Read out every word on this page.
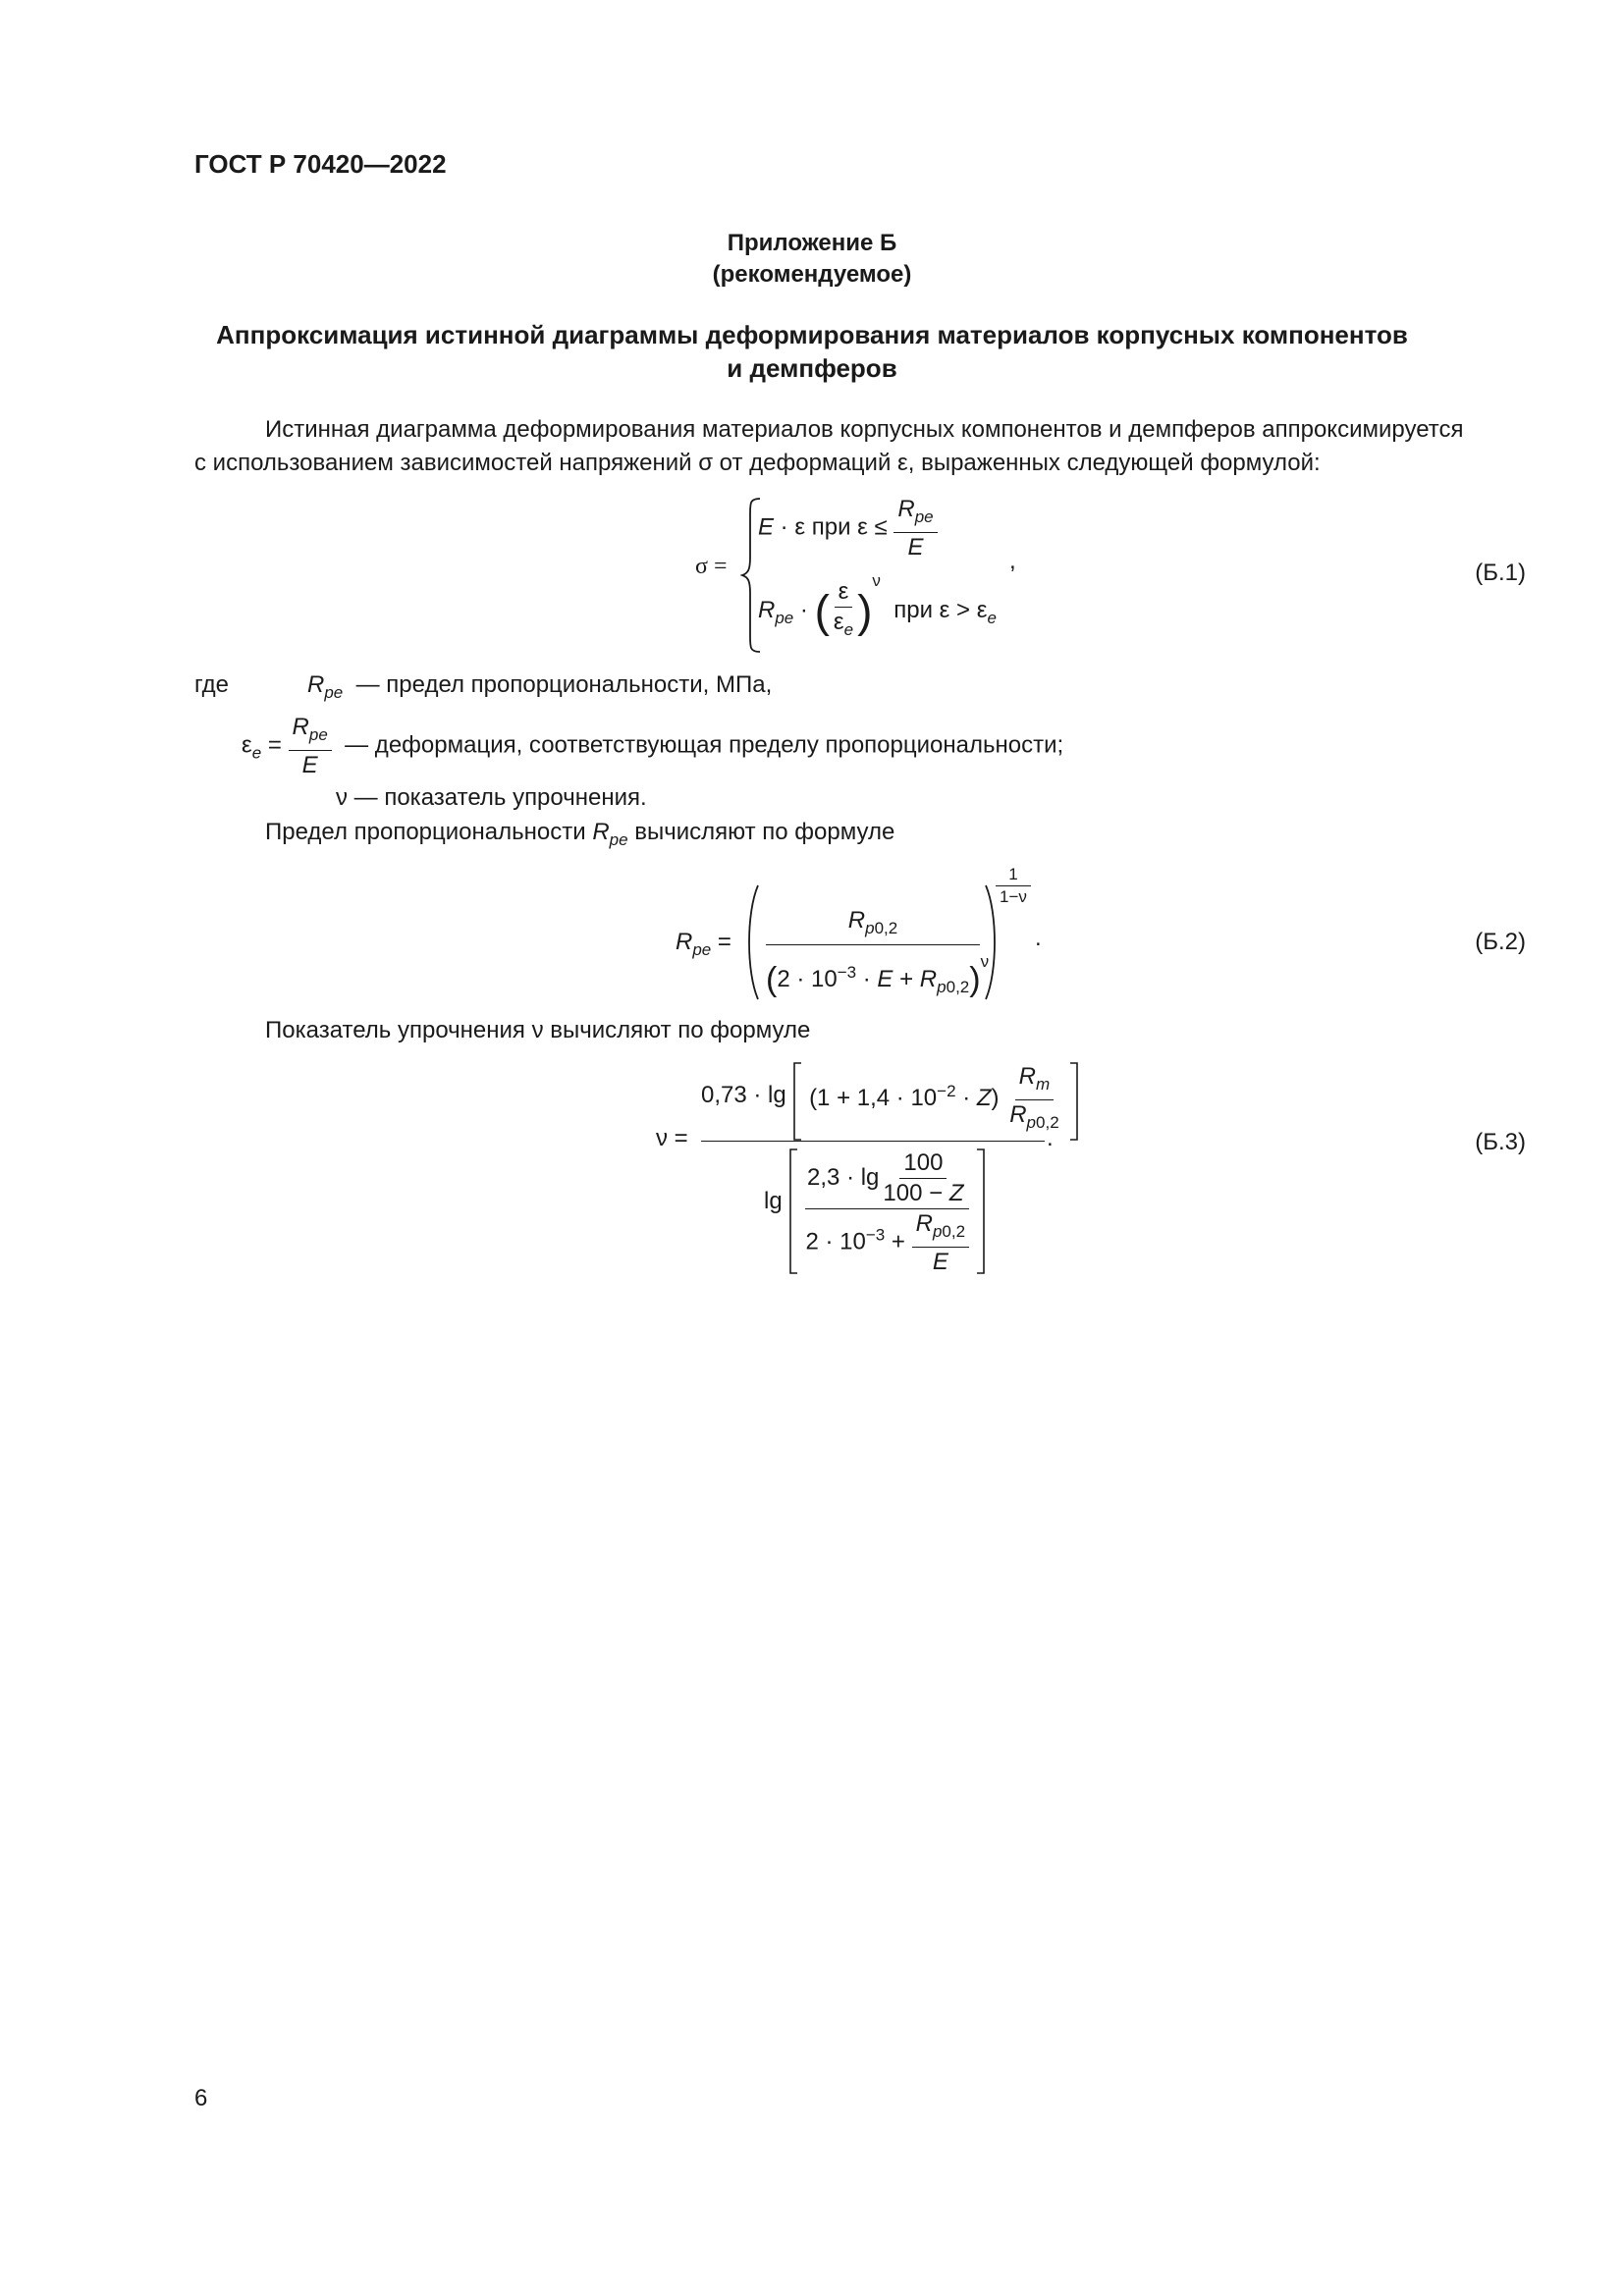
ГОСТ Р 70420—2022
Приложение Б
(рекомендуемое)
Аппроксимация истинной диаграммы деформирования материалов корпусных компонентов
и демпферов
Истинная диаграмма деформирования материалов корпусных компонентов и демпферов аппроксимируется
с использованием зависимостей напряжений σ от деформаций ε, выраженных следующей формулой:
σ =
E · ε при $\varepsilon \le \frac{R_{pe}}{E}$
$R_{pe}$ · ( $\frac{\varepsilon}{\varepsilon_e} )^\nu$  при $\varepsilon > \varepsilon_e$
,	(Б.1)
где	$R_{pe}$ — предел пропорциональности, МПа,
$\varepsilon_e = \frac{R_{pe}}{E}$ — деформация, соответствующая пределу пропорциональности;
ν — показатель упрочнения.
Предел пропорциональности $R_{pe}$ вычисляют по формуле
$R_{pe}$ =
$R_{p0,2}$
$(2 \cdot 10^{-3} \cdot E + R_{p0,2})^\nu$
1
1−ν
.	(Б.2)
Показатель упрочнения ν вычисляют по формуле
ν =
$0,73 \cdot \lg (1 + 1,4 \cdot 10^{-2} \cdot Z) \frac{R_m}{R_{p0,2}}$

.
$\lg \frac{2,3 \cdot \lg \frac{100}{100 - Z}}{2 \cdot 10^{-3} + \frac{R_{p0,2}}{E}}$

(Б.3)
6
